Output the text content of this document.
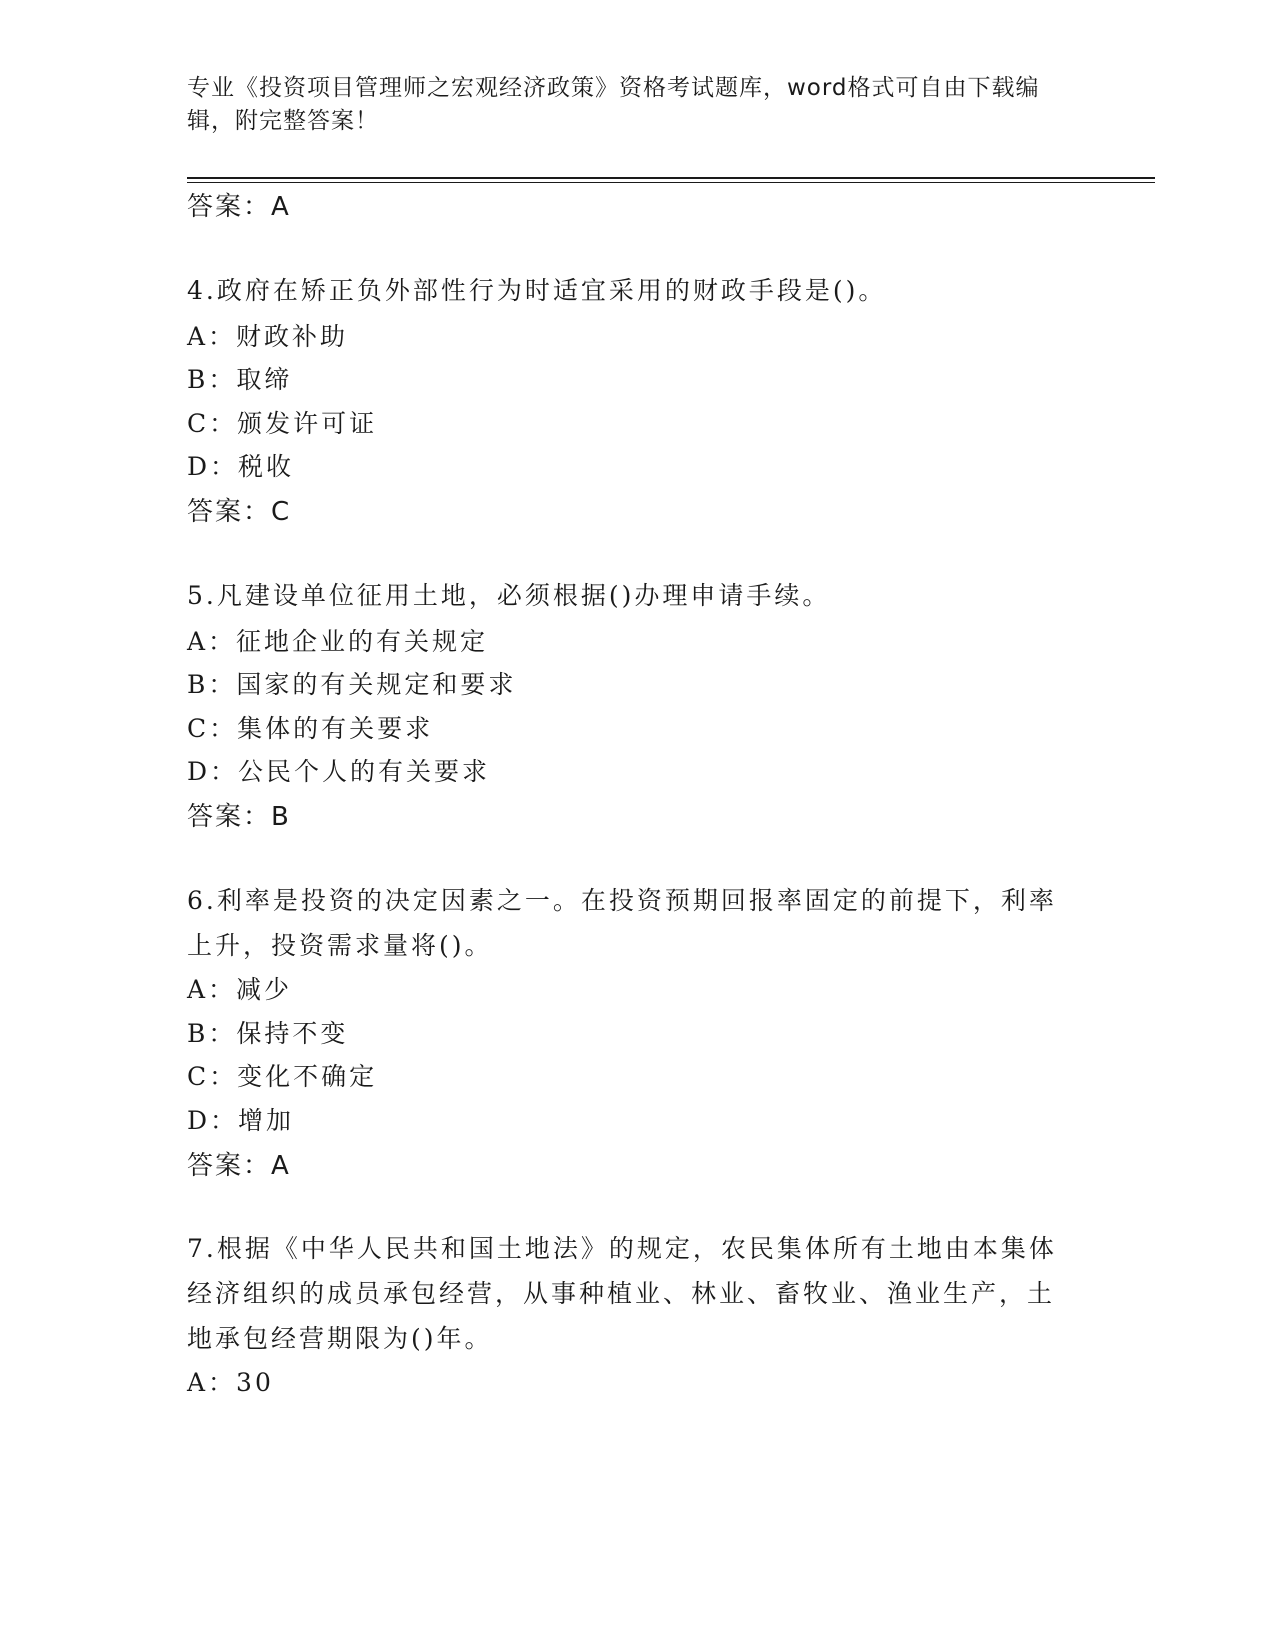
专业《投资项目管理师之宏观经济政策》资格考试题库，word格式可自由下载编辑，附完整答案！
答案：A
4.政府在矫正负外部性行为时适宜采用的财政手段是()。
A：财政补助
B：取缔
C：颁发许可证
D：税收
答案：C
5.凡建设单位征用土地，必须根据()办理申请手续。
A：征地企业的有关规定
B：国家的有关规定和要求
C：集体的有关要求
D：公民个人的有关要求
答案：B
6.利率是投资的决定因素之一。在投资预期回报率固定的前提下，利率上升，投资需求量将()。
A：减少
B：保持不变
C：变化不确定
D：增加
答案：A
7.根据《中华人民共和国土地法》的规定，农民集体所有土地由本集体经济组织的成员承包经营，从事种植业、林业、畜牧业、渔业生产，土地承包经营期限为()年。
A：30
